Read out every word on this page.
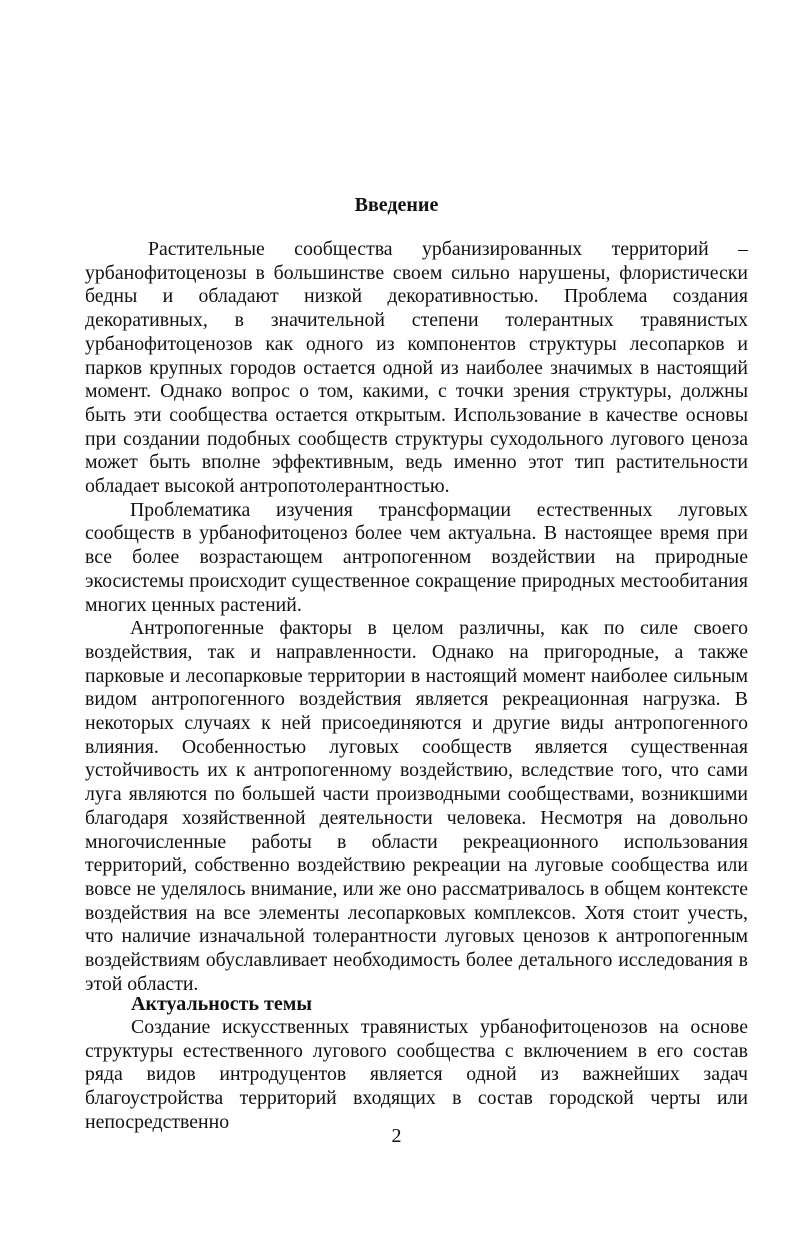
Введение

Растительные сообщества урбанизированных территорий – урбанофитоценозы в большинстве своем сильно нарушены, флористически бедны и обладают низкой декоративностью. Проблема создания декоративных, в значительной степени толерантных травянистых урбанофитоценозов как одного из компонентов структуры лесопарков и парков крупных городов остается одной из наиболее значимых в настоящий момент. Однако вопрос о том, какими, с точки зрения структуры, должны быть эти сообщества остается открытым. Использование в качестве основы при создании подобных сообществ структуры суходольного лугового ценоза может быть вполне эффективным, ведь именно этот тип растительности обладает высокой антропотолерантностью.

Проблематика изучения трансформации естественных луговых сообществ в урбанофитоценоз более чем актуальна. В настоящее время при все более возрастающем антропогенном воздействии на природные экосистемы происходит существенное сокращение природных местообитания многих ценных растений.

Антропогенные факторы в целом различны, как по силе своего воздействия, так и направленности. Однако на пригородные, а также парковые и лесопарковые территории в настоящий момент наиболее сильным видом антропогенного воздействия является рекреационная нагрузка. В некоторых случаях к ней присоединяются и другие виды антропогенного влияния. Особенностью луговых сообществ является существенная устойчивость их к антропогенному воздействию, вследствие того, что сами луга являются по большей части производными сообществами, возникшими благодаря хозяйственной деятельности человека. Несмотря на довольно многочисленные работы в области рекреационного использования территорий, собственно воздействию рекреации на луговые сообщества или вовсе не уделялось внимание, или же оно рассматривалось в общем контексте воздействия на все элементы лесопарковых комплексов. Хотя стоит учесть, что наличие изначальной толерантности луговых ценозов к антропогенным воздействиям обуславливает необходимость более детального исследования в этой области.

Актуальность темы

Создание искусственных травянистых урбанофитоценозов на основе структуры естественного лугового сообщества с включением в его состав ряда видов интродуцентов является одной из важнейших задач благоустройства территорий входящих в состав городской черты или непосредственно

2
